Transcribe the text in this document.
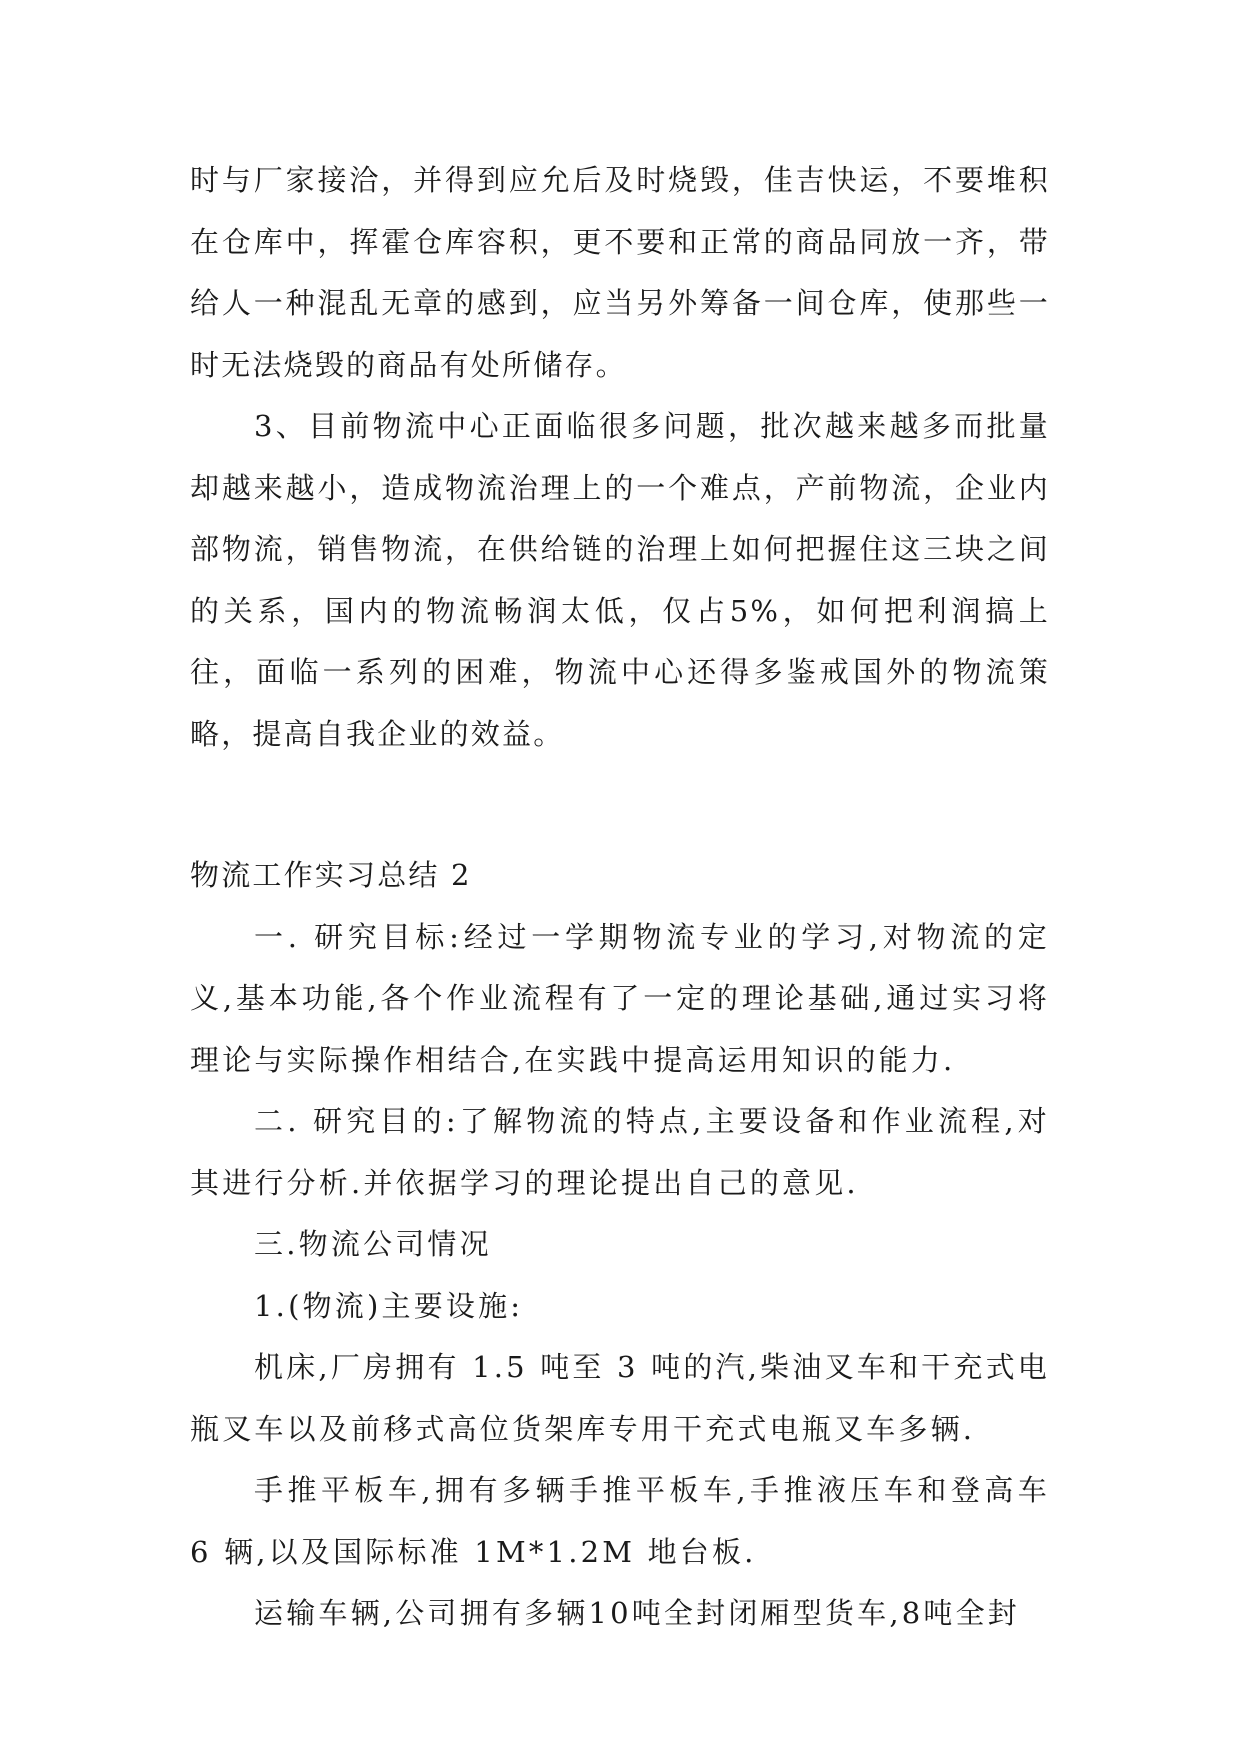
时与厂家接洽，并得到应允后及时烧毁，佳吉快运，不要堆积在仓库中，挥霍仓库容积，更不要和正常的商品同放一齐，带给人一种混乱无章的感到，应当另外筹备一间仓库，使那些一时无法烧毁的商品有处所储存。

3、目前物流中心正面临很多问题，批次越来越多而批量却越来越小，造成物流治理上的一个难点，产前物流，企业内部物流，销售物流，在供给链的治理上如何把握住这三块之间的关系，国内的物流畅润太低，仅占5%，如何把利润搞上往，面临一系列的困难，物流中心还得多鉴戒国外的物流策略，提高自我企业的效益。

物流工作实习总结 2

一. 研究目标:经过一学期物流专业的学习,对物流的定义,基本功能,各个作业流程有了一定的理论基础,通过实习将理论与实际操作相结合,在实践中提高运用知识的能力.

二. 研究目的:了解物流的特点,主要设备和作业流程,对其进行分析.并依据学习的理论提出自己的意见.

三.物流公司情况

1.(物流)主要设施:

机床,厂房拥有 1.5 吨至 3 吨的汽,柴油叉车和干充式电瓶叉车以及前移式高位货架库专用干充式电瓶叉车多辆.

手推平板车,拥有多辆手推平板车,手推液压车和登高车 6 辆,以及国际标准 1M*1.2M 地台板.

运输车辆,公司拥有多辆10吨全封闭厢型货车,8吨全封
